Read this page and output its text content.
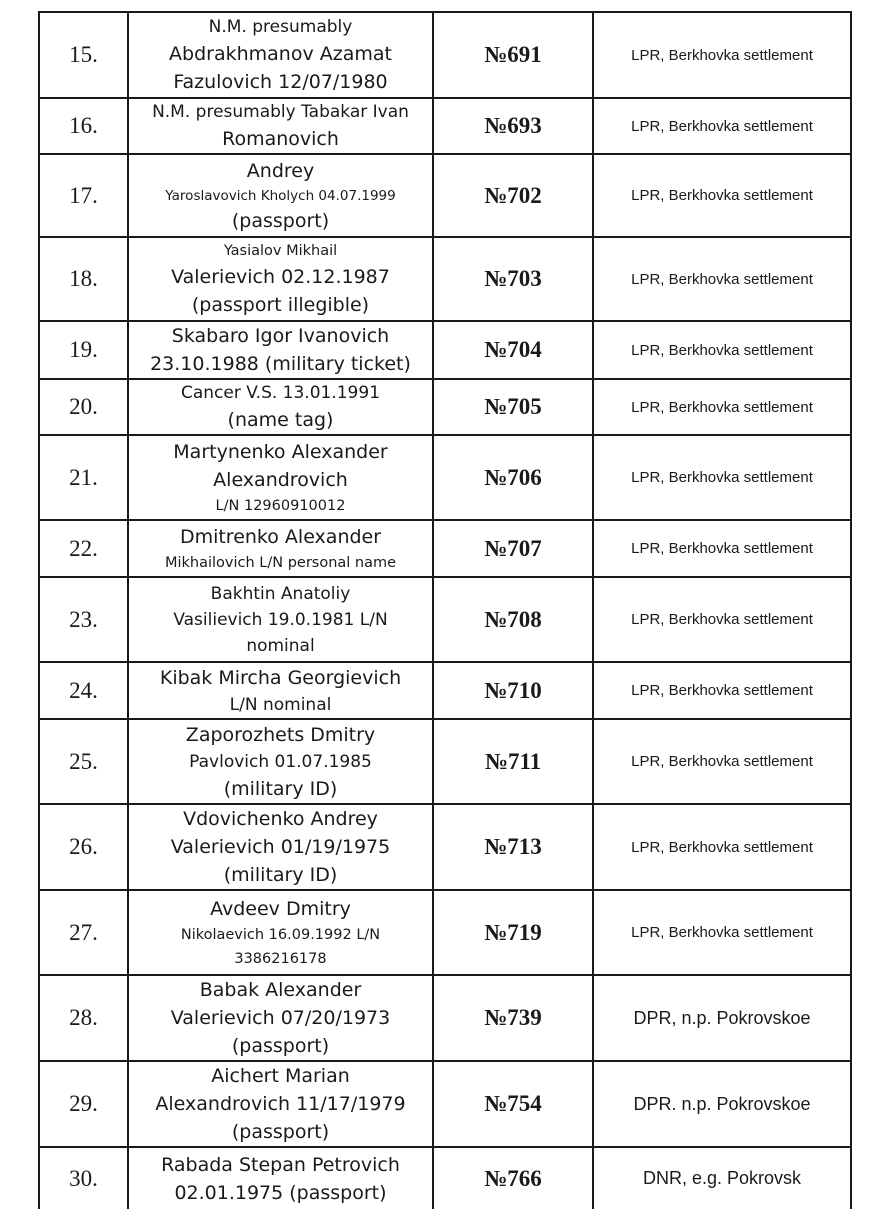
15.	N.M. presumably
Abdrakhmanov Azamat
Fazulovich 12/07/1980	№691	LPR, Berkhovka settlement
16.	N.M. presumably Tabakar Ivan
Romanovich	№693	LPR, Berkhovka settlement
17.	Andrey
Yaroslavovich Kholych 04.07.1999
(passport)	№702	LPR, Berkhovka settlement
18.	Yasialov Mikhail
Valerievich 02.12.1987
(passport illegible)	№703	LPR, Berkhovka settlement
19.	Skabaro Igor Ivanovich
23.10.1988 (military ticket)	№704	LPR, Berkhovka settlement
20.	Cancer V.S. 13.01.1991
(name tag)	№705	LPR, Berkhovka settlement
21.	Martynenko Alexander
Alexandrovich
L/N 12960910012	№706	LPR, Berkhovka settlement
22.	Dmitrenko Alexander
Mikhailovich L/N personal name	№707	LPR, Berkhovka settlement
23.	Bakhtin Anatoliy
Vasilievich 19.0.1981 L/N
nominal	№708	LPR, Berkhovka settlement
24.	Kibak Mircha Georgievich
L/N nominal	№710	LPR, Berkhovka settlement
25.	Zaporozhets Dmitry
Pavlovich 01.07.1985
(military ID)	№711	LPR, Berkhovka settlement
26.	Vdovichenko Andrey
Valerievich 01/19/1975
(military ID)	№713	LPR, Berkhovka settlement
27.	Avdeev Dmitry
Nikolaevich 16.09.1992 L/N
3386216178	№719	LPR, Berkhovka settlement
28.	Babak Alexander
Valerievich 07/20/1973
(passport)	№739	DPR, n.p. Pokrovskoe
29.	Aichert Marian
Alexandrovich 11/17/1979
(passport)	№754	DPR. n.p. Pokrovskoe
30.	Rabada Stepan Petrovich
02.01.1975 (passport)	№766	DNR, e.g. Pokrovsk
